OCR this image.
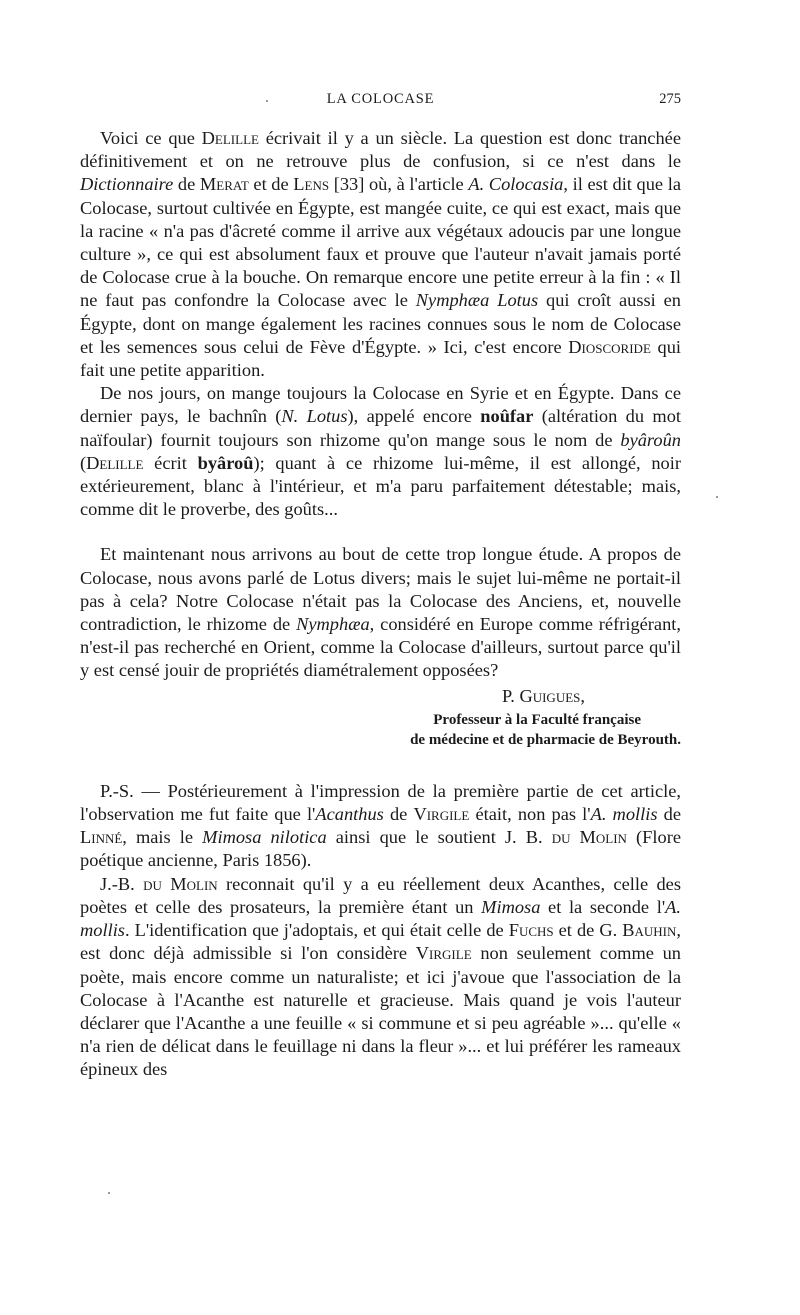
LA COLOCASE	275

Voici ce que Delille écrivait il y a un siècle. La question est donc tranchée définitivement et on ne retrouve plus de confusion, si ce n'est dans le Dictionnaire de Merat et de Lens [33] où, à l'article A. Colocasia, il est dit que la Colocase, surtout cultivée en Égypte, est mangée cuite, ce qui est exact, mais que la racine « n'a pas d'âcreté comme il arrive aux végétaux adoucis par une longue culture », ce qui est absolument faux et prouve que l'auteur n'avait jamais porté de Colocase crue à la bouche. On remarque encore une petite erreur à la fin : « Il ne faut pas confondre la Colocase avec le Nymphæa Lotus qui croît aussi en Égypte, dont on mange également les racines connues sous le nom de Colocase et les semences sous celui de Fève d'Égypte. » Ici, c'est encore Dioscoride qui fait une petite apparition.

De nos jours, on mange toujours la Colocase en Syrie et en Égypte. Dans ce dernier pays, le bachnîn (N. Lotus), appelé encore noûfar (altération du mot naïfoular) fournit toujours son rhizome qu'on mange sous le nom de byâroûn (Delille écrit byâroû); quant à ce rhizome lui-même, il est allongé, noir extérieurement, blanc à l'intérieur, et m'a paru parfaitement détestable; mais, comme dit le proverbe, des goûts...

Et maintenant nous arrivons au bout de cette trop longue étude. A propos de Colocase, nous avons parlé de Lotus divers; mais le sujet lui-même ne portait-il pas à cela? Notre Colocase n'était pas la Colocase des Anciens, et, nouvelle contradiction, le rhizome de Nymphæa, considéré en Europe comme réfrigérant, n'est-il pas recherché en Orient, comme la Colocase d'ailleurs, surtout parce qu'il y est censé jouir de propriétés diamétralement opposées?

P. Guigues,
Professeur à la Faculté française
de médecine et de pharmacie de Beyrouth.

P.-S. — Postérieurement à l'impression de la première partie de cet article, l'observation me fut faite que l'Acanthus de Virgile était, non pas l'A. mollis de Linné, mais le Mimosa nilotica ainsi que le soutient J. B. du Molin (Flore poétique ancienne, Paris 1856).

J.-B. du Molin reconnait qu'il y a eu réellement deux Acanthes, celle des poètes et celle des prosateurs, la première étant un Mimosa et la seconde l'A. mollis. L'identification que j'adoptais, et qui était celle de Fuchs et de G. Bauhin, est donc déjà admissible si l'on considère Virgile non seulement comme un poète, mais encore comme un naturaliste; et ici j'avoue que l'association de la Colocase à l'Acanthe est naturelle et gracieuse. Mais quand je vois l'auteur déclarer que l'Acanthe a une feuille « si commune et si peu agréable »... qu'elle « n'a rien de délicat dans le feuillage ni dans la fleur »... et lui préférer les rameaux épineux des
